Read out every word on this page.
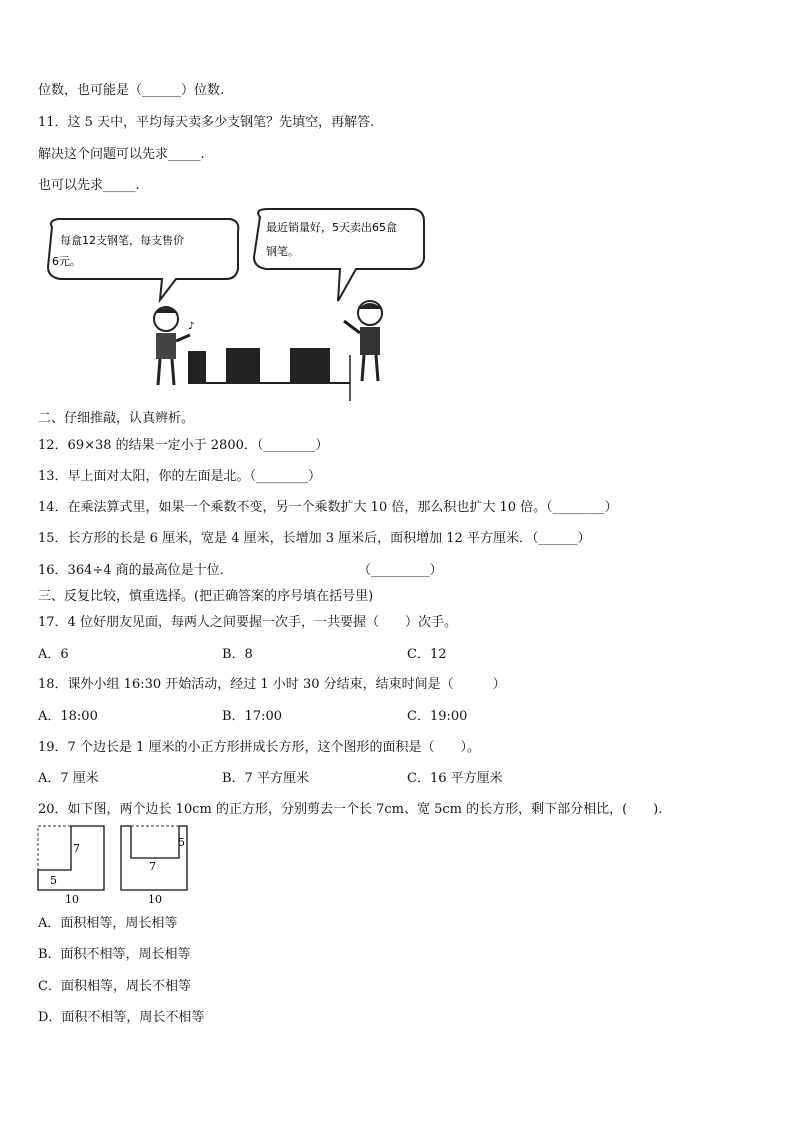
位数，也可能是（______）位数.
11．这 5 天中，平均每天卖多少支钢笔？先填空，再解答.
解决这个问题可以先求_____.
也可以先求_____.
每盒12支钢笔，每支售价
6元。
最近销量好，5天卖出65盒
钢笔。
♪
二、仔细推敲，认真辨析。
12．69×38 的结果一定小于 2800．（________）
13．早上面对太阳，你的左面是北。（________）
14．在乘法算式里，如果一个乘数不变，另一个乘数扩大 10 倍，那么积也扩大 10 倍。（________）
15．长方形的长是 6 厘米，宽是 4 厘米，长增加 3 厘米后，面积增加 12 平方厘米．（______）
16．364÷4 商的最高位是十位．	（_________）
三、反复比较，慎重选择。(把正确答案的序号填在括号里)
17．4 位好朋友见面，每两人之间要握一次手，一共要握（　　）次手。
A．6	B．8	C．12
18．课外小组 16:30 开始活动，经过 1 小时 30 分结束，结束时间是（　　　）
A．18:00	B．17:00	C．19:00
19．7 个边长是 1 厘米的小正方形拼成长方形，这个图形的面积是（　　）。
A．7 厘米	B．7 平方厘米	C．16 平方厘米
20．如下图，两个边长 10cm 的正方形，分别剪去一个长 7cm、宽 5cm 的长方形，剩下部分相比，(　　).
7
5
10
5
7
10
A．面积相等，周长相等
B．面积不相等，周长相等
C．面积相等，周长不相等
D．面积不相等，周长不相等
